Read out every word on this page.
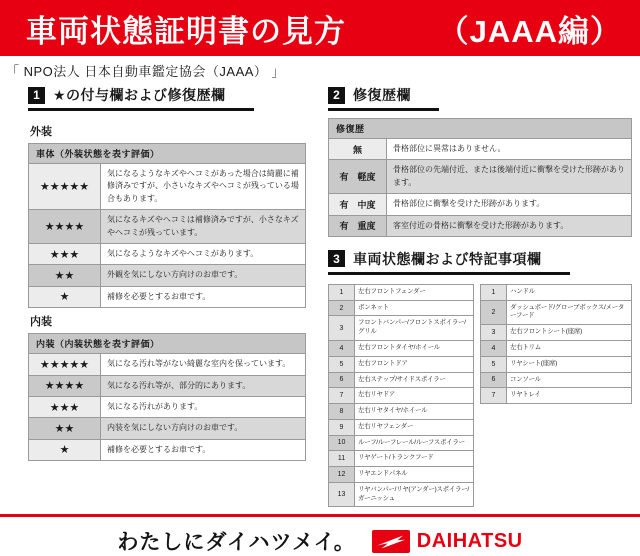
車両状態証明書の見方	（JAAA編）
「 NPO法人 日本自動車鑑定協会（JAAA） 」
1 ★の付与欄および修復歴欄
外装
車体（外装状態を表す評価）	
★★★★★	気になるようなキズやヘコミがあった場合は綺麗に補修済みですが、小さいなキズやヘコミが残っている場合もあります。
★★★★	気になるキズやヘコミは補修済みですが、小さなキズやヘコミが残っています。
★★★	気になるようなキズやヘコミがあります。
★★	外観を気にしない方向けのお車です。
★	補修を必要とするお車です。
内装
内装（内装状態を表す評価）	
★★★★★	気になる汚れ等がない綺麗な室内を保っています。
★★★★	気になる汚れ等が、部分的にあります。
★★★	気になる汚れがあります。
★★	内装を気にしない方向けのお車です。
★	補修を必要とするお車です。
2 修復歴欄
修復歴	
無	骨格部位に異常はありません。
有　軽度	骨格部位の先端付近、または後端付近に衝撃を受けた形跡があります。
有　中度	骨格部位に衝撃を受けた形跡があります。
有　重度	客室付近の骨格に衝撃を受けた形跡があります。
3 車両状態欄および特記事項欄
1	左右フロントフェンダー
2	ボンネット
3	フロントバンパー/フロントスポイラー/グリル
4	左右フロントタイヤ/ホイール
5	左右フロントドア
6	左右ステップ/サイドスポイラー
7	左右リヤドア
8	左右リヤタイヤ/ホイール
9	左右リヤフェンダー
10	ルーフ/ルーフレール/ルーフスポイラー
11	リヤゲート/トランクフード
12	リヤエンドパネル
13	リヤバンパー/リヤ(アンダー)スポイラー/ガーニッシュ
1	ハンドル
2	ダッシュボード/グローブボックス/メーターフード
3	左右フロントシート(座席)
4	左右トリム
5	リヤシート(座席)
6	コンソール
7	リヤトレイ
わたしにダイハツメイ。	DAIHATSU
